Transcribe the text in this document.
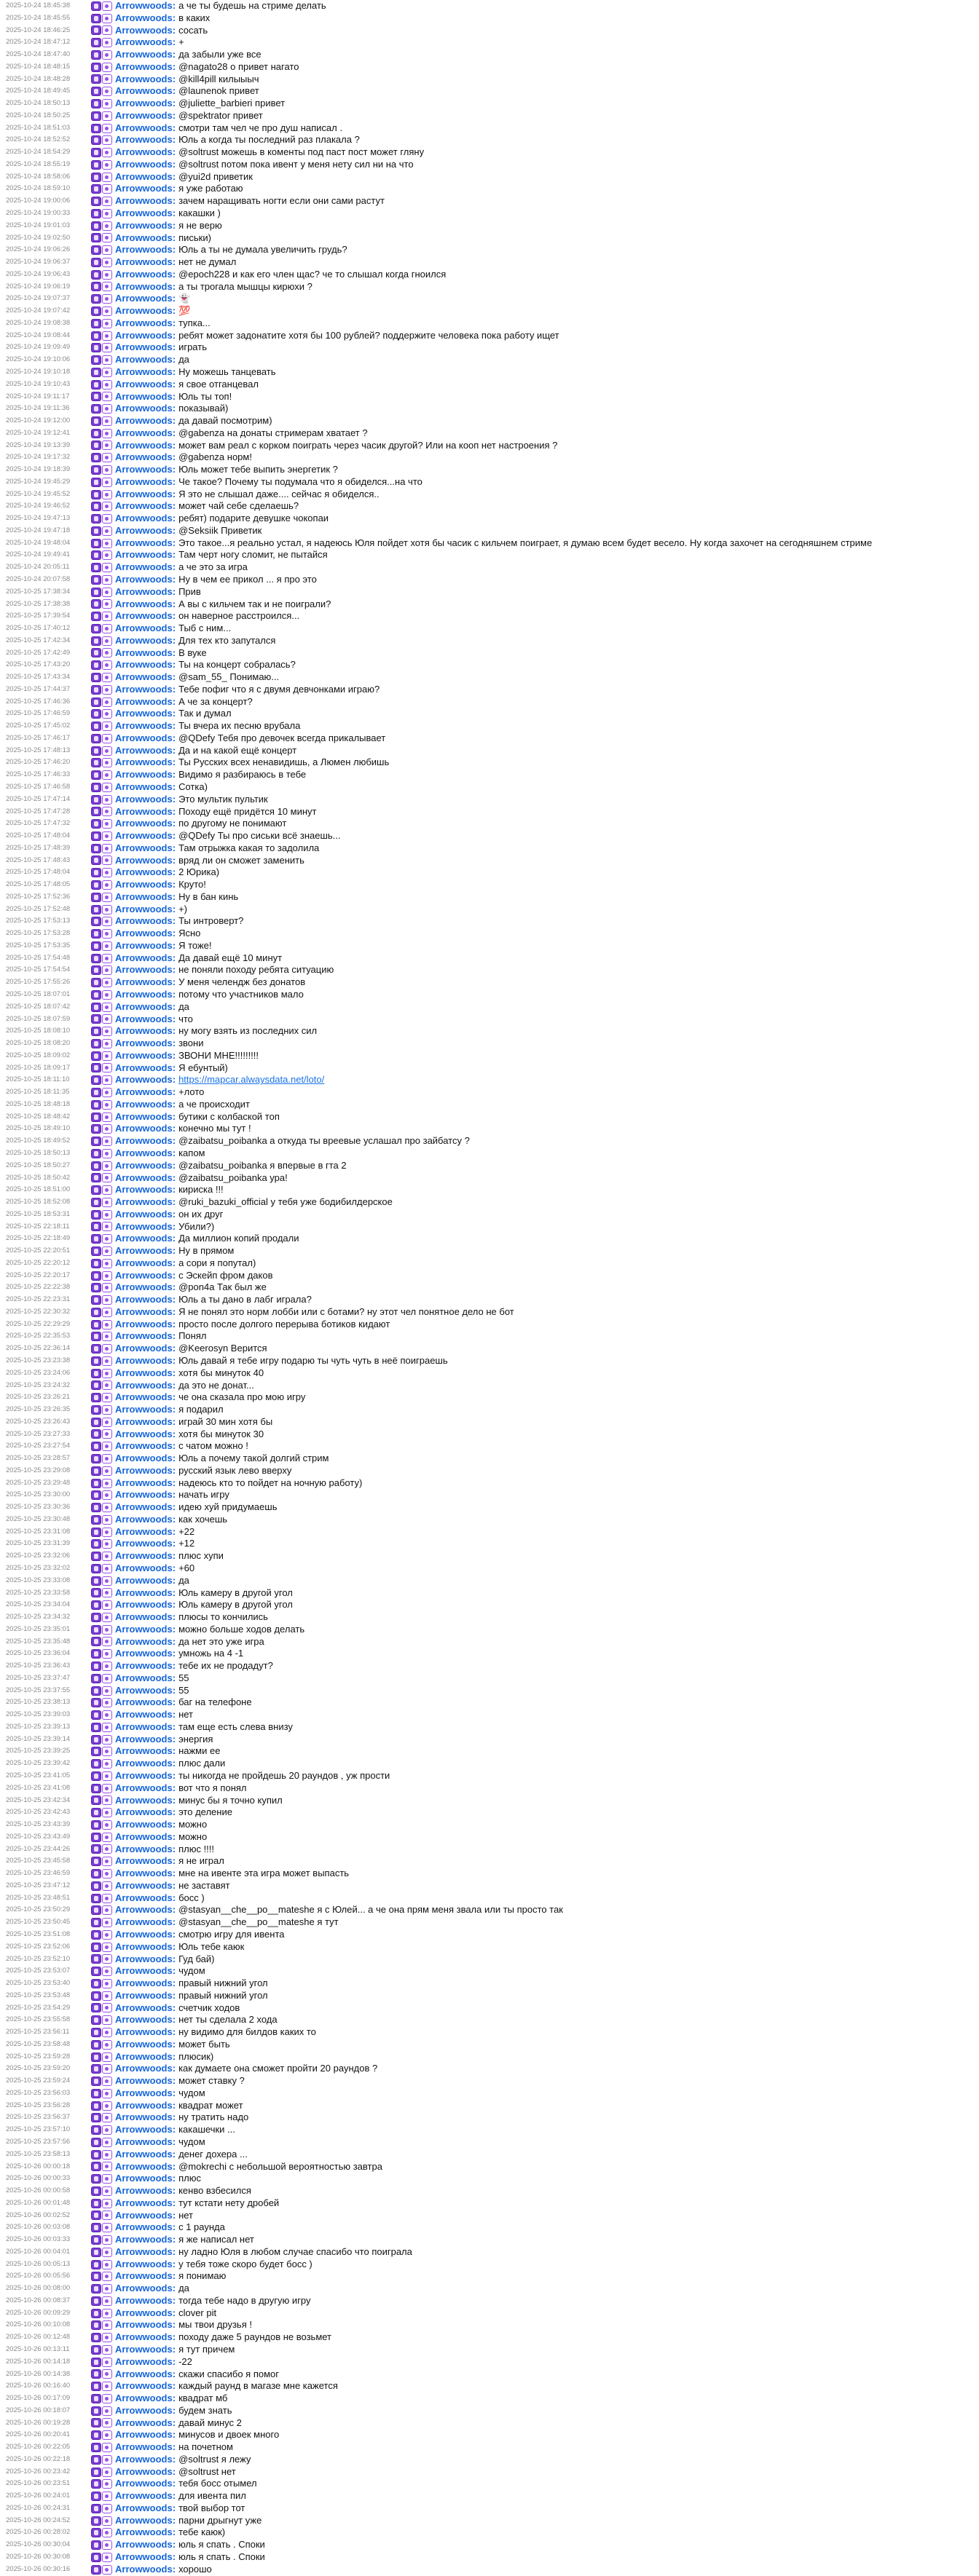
2025-10-24 18:45:38	Arrowwoods : а че ты будешь на стриме делать
2025-10-24 18:45:55	Arrowwoods : в каких
2025-10-24 18:46:25	Arrowwoods : сосать
2025-10-24 18:47:12	Arrowwoods : +
2025-10-24 18:47:40	Arrowwoods : да забыли уже все
2025-10-24 18:48:15	Arrowwoods : @nagato28 о привет нагато
2025-10-24 18:48:28	Arrowwoods : @kill4pill килыыыч
2025-10-24 18:49:45	Arrowwoods : @launenok привет
2025-10-24 18:50:13	Arrowwoods : @juliette_barbieri привет
2025-10-24 18:50:25	Arrowwoods : @spektrator привет
2025-10-24 18:51:03	Arrowwoods : смотри там чел че про душ написал .
2025-10-24 18:52:52	Arrowwoods : Юль а когда ты последний раз плакала ?
2025-10-24 18:54:29	Arrowwoods : @soltrust можешь в коменты под паст пост может гляну
2025-10-24 18:55:19	Arrowwoods : @soltrust потом пока ивент у меня нету сил ни на что
2025-10-24 18:58:06	Arrowwoods : @yui2d приветик
2025-10-24 18:59:10	Arrowwoods : я уже работаю
2025-10-24 19:00:06	Arrowwoods : зачем наращивать ногти если они сами растут
2025-10-24 19:00:33	Arrowwoods : какашки )
2025-10-24 19:01:03	Arrowwoods : я не верю
2025-10-24 19:02:50	Arrowwoods : письки)
2025-10-24 19:06:26	Arrowwoods : Юль а ты не думала увеличить грудь?
2025-10-24 19:06:37	Arrowwoods : нет не думал
2025-10-24 19:06:43	Arrowwoods : @epoch228 и как его член щас? че то слышал когда гноился
2025-10-24 19:06:19	Arrowwoods : а ты трогала мышцы кирюхи ?
2025-10-24 19:07:37	Arrowwoods : 👻
2025-10-24 19:07:42	Arrowwoods : 💯
2025-10-24 19:08:38	Arrowwoods : тупка...
2025-10-24 19:08:44	Arrowwoods : ребят может задонатите хотя бы 100 рублей? поддержите человека пока работу ищет
2025-10-24 19:09:49	Arrowwoods : играть
2025-10-24 19:10:06	Arrowwoods : да
2025-10-24 19:10:18	Arrowwoods : Ну можешь танцевать
2025-10-24 19:10:43	Arrowwoods : я свое отганцевал
2025-10-24 19:11:17	Arrowwoods : Юль ты топ!
2025-10-24 19:11:36	Arrowwoods : показывай)
2025-10-24 19:12:00	Arrowwoods : да давай посмотрим)
2025-10-24 19:12:41	Arrowwoods : @gabenza на донаты стримерам хватает ?
2025-10-24 19:13:39	Arrowwoods : может вам реал с корком поиграть через часик другой? Или на кооп нет настроения ?
2025-10-24 19:17:32	Arrowwoods : @gabenza норм!
2025-10-24 19:18:39	Arrowwoods : Юль может тебе выпить энергетик ?
2025-10-24 19:45:29	Arrowwoods : Че такое? Почему ты подумала что я обиделся...на что
2025-10-24 19:45:52	Arrowwoods : Я это не слышал даже.... сейчас я обиделся..
2025-10-24 19:46:52	Arrowwoods : может чай себе сделаешь?
2025-10-24 19:47:13	Arrowwoods : ребят) подарите девушке чокопаи
2025-10-24 19:47:18	Arrowwoods : @Seksiik Приветик
2025-10-24 19:48:04	Arrowwoods : Это такое...я реально устал, я надеюсь Юля пойдет хотя бы часик с кильчем поиграет, я думаю всем будет весело. Ну когда захочет на сегодняшнем стриме
2025-10-24 19:49:41	Arrowwoods : Там черт ногу сломит, не пытайся
2025-10-24 20:05:11	Arrowwoods : а че это за игра
2025-10-24 20:07:58	Arrowwoods : Ну в чем ее прикол ... я про это
2025-10-25 17:38:34	Arrowwoods : Прив
2025-10-25 17:38:38	Arrowwoods : А вы с кильчем так и не поиграли?
2025-10-25 17:39:54	Arrowwoods : он наверное расстроился...
2025-10-25 17:40:12	Arrowwoods : Тыб с ним...
2025-10-25 17:42:34	Arrowwoods : Для тех кто запутался
2025-10-25 17:42:49	Arrowwoods : В вуке
2025-10-25 17:43:20	Arrowwoods : Ты на концерт собралась?
2025-10-25 17:43:34	Arrowwoods : @sam_55_ Понимаю...
2025-10-25 17:44:37	Arrowwoods : Тебе пофиг что я с двумя девчонками играю?
2025-10-25 17:46:36	Arrowwoods : А че за концерт?
2025-10-25 17:46:59	Arrowwoods : Так и думал
2025-10-25 17:45:02	Arrowwoods : Ты вчера их песню врубала
2025-10-25 17:46:17	Arrowwoods : @QDefy Тебя про девочек всегда прикалывает
2025-10-25 17:48:13	Arrowwoods : Да и на какой ещё концерт
2025-10-25 17:46:20	Arrowwoods : Ты Русских всех ненавидишь, а Люмен любишь
2025-10-25 17:46:33	Arrowwoods : Видимо я разбираюсь в тебе
2025-10-25 17:46:58	Arrowwoods : Сотка)
2025-10-25 17:47:14	Arrowwoods : Это мультик пультик
2025-10-25 17:47:28	Arrowwoods : Походу ещё придётся 10 минут
2025-10-25 17:47:32	Arrowwoods : по другому не понимают
2025-10-25 17:48:04	Arrowwoods : @QDefy Ты про сиськи всё знаешь...
2025-10-25 17:48:39	Arrowwoods : Там отрыжка какая то задолила
2025-10-25 17:48:43	Arrowwoods : вряд ли он сможет заменить
2025-10-25 17:48:04	Arrowwoods : 2 Юрика)
2025-10-25 17:48:05	Arrowwoods : Круто!
2025-10-25 17:52:36	Arrowwoods : Ну в бан кинь
2025-10-25 17:52:48	Arrowwoods : +)
2025-10-25 17:53:13	Arrowwoods : Ты интроверт?
2025-10-25 17:53:28	Arrowwoods : Ясно
2025-10-25 17:53:35	Arrowwoods : Я тоже!
2025-10-25 17:54:48	Arrowwoods : Да давай ещё 10 минут
2025-10-25 17:54:54	Arrowwoods : не поняли походу ребята ситуацию
2025-10-25 17:55:26	Arrowwoods : У меня челендж без донатов
2025-10-25 18:07:01	Arrowwoods : потому что участников мало
2025-10-25 18:07:42	Arrowwoods : да
2025-10-25 18:07:59	Arrowwoods : что
2025-10-25 18:08:10	Arrowwoods : ну могу взять из последних сил
2025-10-25 18:08:20	Arrowwoods : звони
2025-10-25 18:09:02	Arrowwoods : ЗВОНИ МНЕ!!!!!!!!!
2025-10-25 18:09:17	Arrowwoods : Я ебунтый)
2025-10-25 18:11:10	Arrowwoods : https://mapcar.alwaysdata.net/loto/
2025-10-25 18:11:35	Arrowwoods : +лото
2025-10-25 18:48:18	Arrowwoods : а че происходит
2025-10-25 18:48:42	Arrowwoods : бутики с колбаской топ
2025-10-25 18:49:10	Arrowwoods : конечно мы тут !
2025-10-25 18:49:52	Arrowwoods : @zaibatsu_poibanka а откуда ты вреевые услашал про зайбатсу ?
2025-10-25 18:50:13	Arrowwoods : капом
2025-10-25 18:50:27	Arrowwoods : @zaibatsu_poibanka я впервые в гта 2
2025-10-25 18:50:42	Arrowwoods : @zaibatsu_poibanka ура!
2025-10-25 18:51:00	Arrowwoods : кириска !!!
2025-10-25 18:52:08	Arrowwoods : @ruki_bazuki_official у тебя уже бодибилдерское
2025-10-25 18:53:31	Arrowwoods : он их друг
2025-10-25 22:18:11	Arrowwoods : Убили?)
2025-10-25 22:18:49	Arrowwoods : Да миллион копий продали
2025-10-25 22:20:51	Arrowwoods : Ну в прямом
2025-10-25 22:20:12	Arrowwoods : а сори я попутал)
2025-10-25 22:20:17	Arrowwoods : с Эскейп фром даков
2025-10-25 22:22:38	Arrowwoods : @pon4a Так был же
2025-10-25 22:23:31	Arrowwoods : Юль а ты дано в лабг играла?
2025-10-25 22:30:32	Arrowwoods : Я не понял это норм лобби или с ботами? ну этот чел понятное дело не бот
2025-10-25 22:29:29	Arrowwoods : просто после долгого перерыва ботиков кидают
2025-10-25 22:35:53	Arrowwoods : Понял
2025-10-25 22:36:14	Arrowwoods : @Keerosyn Верится
2025-10-25 23:23:38	Arrowwoods : Юль давай я тебе игру подарю ты чуть чуть в неё поиграешь
2025-10-25 23:24:06	Arrowwoods : хотя бы минуток 40
2025-10-25 23:24:32	Arrowwoods : да это не донат...
2025-10-25 23:26:21	Arrowwoods : че она сказала про мою игру
2025-10-25 23:26:35	Arrowwoods : я подарил
2025-10-25 23:26:43	Arrowwoods : играй 30 мин хотя бы
2025-10-25 23:27:33	Arrowwoods : хотя бы минуток 30
2025-10-25 23:27:54	Arrowwoods : с чатом можно !
2025-10-25 23:28:57	Arrowwoods : Юль а почему такой долгий стрим
2025-10-25 23:29:08	Arrowwoods : русский язык лево вверху
2025-10-25 23:29:48	Arrowwoods : надеюсь кто то пойдет на ночную работу)
2025-10-25 23:30:00	Arrowwoods : начать игру
2025-10-25 23:30:36	Arrowwoods : идею хуй придумаешь
2025-10-25 23:30:48	Arrowwoods : как хочешь
2025-10-25 23:31:08	Arrowwoods : +22
2025-10-25 23:31:39	Arrowwoods : +12
2025-10-25 23:32:06	Arrowwoods : плюс хупи
2025-10-25 23:32:02	Arrowwoods : +60
2025-10-25 23:33:08	Arrowwoods : да
2025-10-25 23:33:58	Arrowwoods : Юль камеру в другой угол
2025-10-25 23:34:04	Arrowwoods : Юль камеру в другой угол
2025-10-25 23:34:32	Arrowwoods : плюсы то кончились
2025-10-25 23:35:01	Arrowwoods : можно больше ходов делать
2025-10-25 23:35:48	Arrowwoods : да нет это уже игра
2025-10-25 23:36:04	Arrowwoods : умножь на 4 -1
2025-10-25 23:36:43	Arrowwoods : тебе их не продадут?
2025-10-25 23:37:47	Arrowwoods : 55
2025-10-25 23:37:55	Arrowwoods : 55
2025-10-25 23:38:13	Arrowwoods : баг на телефоне
2025-10-25 23:39:03	Arrowwoods : нет
2025-10-25 23:39:13	Arrowwoods : там еще есть слева внизу
2025-10-25 23:39:14	Arrowwoods : энергия
2025-10-25 23:39:25	Arrowwoods : нажми ее
2025-10-25 23:39:42	Arrowwoods : плюс дали
2025-10-25 23:41:05	Arrowwoods : ты никогда не пройдешь 20 раундов , уж прости
2025-10-25 23:41:08	Arrowwoods : вот что я понял
2025-10-25 23:42:34	Arrowwoods : минус бы я точно купил
2025-10-25 23:42:43	Arrowwoods : это деление
2025-10-25 23:43:39	Arrowwoods : можно
2025-10-25 23:43:49	Arrowwoods : можно
2025-10-25 23:44:26	Arrowwoods : плюс !!!!
2025-10-25 23:45:58	Arrowwoods : я не играл
2025-10-25 23:46:59	Arrowwoods : мне на ивенте эта игра может выпасть
2025-10-25 23:47:12	Arrowwoods : не заставят
2025-10-25 23:48:51	Arrowwoods : босс )
2025-10-25 23:50:29	Arrowwoods : @stasyan__che__po__mateshe я с Юлей... а че она прям меня звала или ты просто так
2025-10-25 23:50:45	Arrowwoods : @stasyan__che__po__mateshe я тут
2025-10-25 23:51:08	Arrowwoods : смотрю игру для ивента
2025-10-25 23:52:06	Arrowwoods : Юль тебе каюк
2025-10-25 23:52:10	Arrowwoods : Гуд бай)
2025-10-25 23:53:07	Arrowwoods : чудом
2025-10-25 23:53:40	Arrowwoods : правый нижний угол
2025-10-25 23:53:48	Arrowwoods : правый нижний угол
2025-10-25 23:54:29	Arrowwoods : счетчик ходов
2025-10-25 23:55:58	Arrowwoods : нет ты сделала 2 хода
2025-10-25 23:56:11	Arrowwoods : ну видимо для билдов каких то
2025-10-25 23:58:48	Arrowwoods : может быть
2025-10-25 23:59:28	Arrowwoods : плюсик)
2025-10-25 23:59:20	Arrowwoods : как думаете она сможет пройти 20 раундов ?
2025-10-25 23:59:24	Arrowwoods : может ставку ?
2025-10-25 23:56:03	Arrowwoods : чудом
2025-10-25 23:56:28	Arrowwoods : квадрат может
2025-10-25 23:56:37	Arrowwoods : ну тратить надо
2025-10-25 23:57:10	Arrowwoods : какашечки ...
2025-10-25 23:57:56	Arrowwoods : чудом
2025-10-25 23:58:13	Arrowwoods : денег дохера ...
2025-10-26 00:00:18	Arrowwoods : @mokrechi с небольшой вероятностью завтра
2025-10-26 00:00:33	Arrowwoods : плюс
2025-10-26 00:00:58	Arrowwoods : кенво взбесился
2025-10-26 00:01:48	Arrowwoods : тут кстати нету дробей
2025-10-26 00:02:52	Arrowwoods : нет
2025-10-26 00:03:08	Arrowwoods : с 1 раунда
2025-10-26 00:03:33	Arrowwoods : я же написал нет
2025-10-26 00:04:01	Arrowwoods : ну ладно Юля в любом случае спасибо что поиграла
2025-10-26 00:05:13	Arrowwoods : у тебя тоже скоро будет босс )
2025-10-26 00:05:56	Arrowwoods : я понимаю
2025-10-26 00:08:00	Arrowwoods : да
2025-10-26 00:08:37	Arrowwoods : тогда тебе надо в другую игру
2025-10-26 00:09:29	Arrowwoods : clover pit
2025-10-26 00:10:08	Arrowwoods : мы твои друзья !
2025-10-26 00:12:48	Arrowwoods : походу даже 5 раундов не возьмет
2025-10-26 00:13:11	Arrowwoods : я тут причем
2025-10-26 00:14:18	Arrowwoods : -22
2025-10-26 00:14:38	Arrowwoods : скажи спасибо я помог
2025-10-26 00:16:40	Arrowwoods : каждый раунд в магазе мне кажется
2025-10-26 00:17:09	Arrowwoods : квадрат мб
2025-10-26 00:18:07	Arrowwoods : будем знать
2025-10-26 00:19:28	Arrowwoods : давай минус 2
2025-10-26 00:20:41	Arrowwoods : минусов и двоек много
2025-10-26 00:22:05	Arrowwoods : на почетном
2025-10-26 00:22:18	Arrowwoods : @soltrust я лежу
2025-10-26 00:23:42	Arrowwoods : @soltrust нет
2025-10-26 00:23:51	Arrowwoods : тебя босс отымел
2025-10-26 00:24:01	Arrowwoods : для ивента пил
2025-10-26 00:24:31	Arrowwoods : твой выбор тот
2025-10-26 00:24:52	Arrowwoods : парни дрыгнут уже
2025-10-26 00:28:02	Arrowwoods : тебе каюк)
2025-10-26 00:30:04	Arrowwoods : юль я спать . Споки
2025-10-26 00:30:08	Arrowwoods : юль я спать . Споки
2025-10-26 00:30:16	Arrowwoods : хорошо
